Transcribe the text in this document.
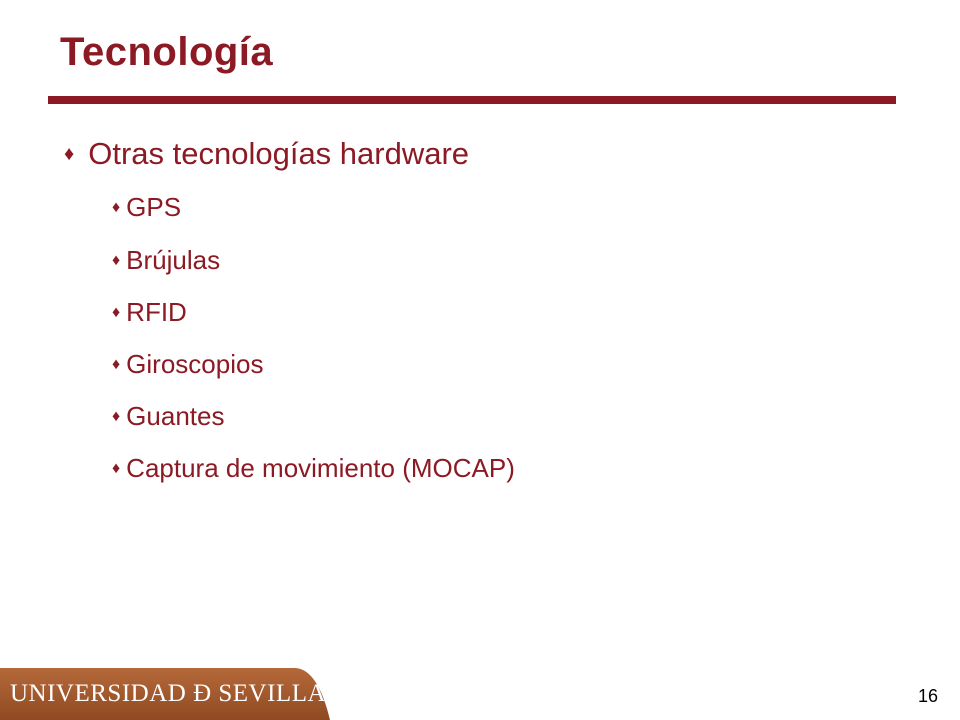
Tecnología
♦ Otras tecnologías hardware
♦ GPS
♦ Brújulas
♦ RFID
♦ Giroscopios
♦ Guantes
♦ Captura de movimiento (MOCAP)
UNIVERSIDAD Ð SEVILLA	16
